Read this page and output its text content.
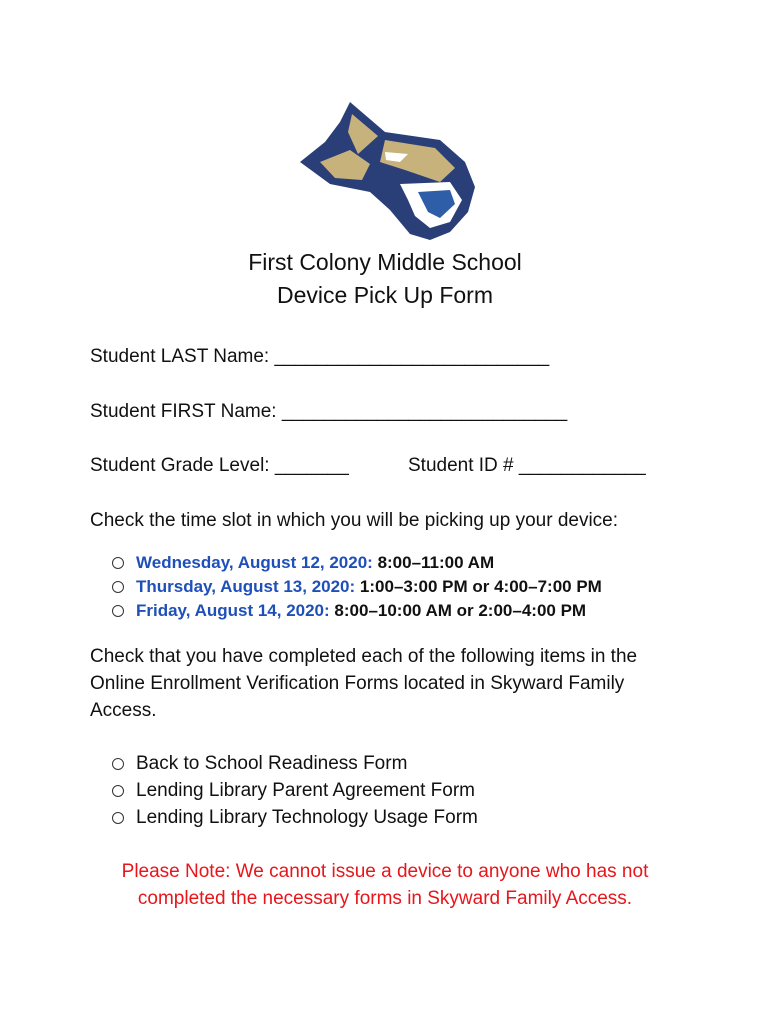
First Colony Middle School
Device Pick Up Form
Student LAST Name: __________________________
Student FIRST Name: ___________________________
Student Grade Level: _______	Student ID # ____________
Check the time slot in which you will be picking up your device:
Wednesday, August 12, 2020: 8:00–11:00 AM
Thursday, August 13, 2020: 1:00–3:00 PM or 4:00–7:00 PM
Friday, August 14, 2020: 8:00–10:00 AM or 2:00–4:00 PM
Check that you have completed each of the following items in the Online Enrollment Verification Forms located in Skyward Family Access.
Back to School Readiness Form
Lending Library Parent Agreement Form
Lending Library Technology Usage Form
Please Note: We cannot issue a device to anyone who has not
completed the necessary forms in Skyward Family Access.
